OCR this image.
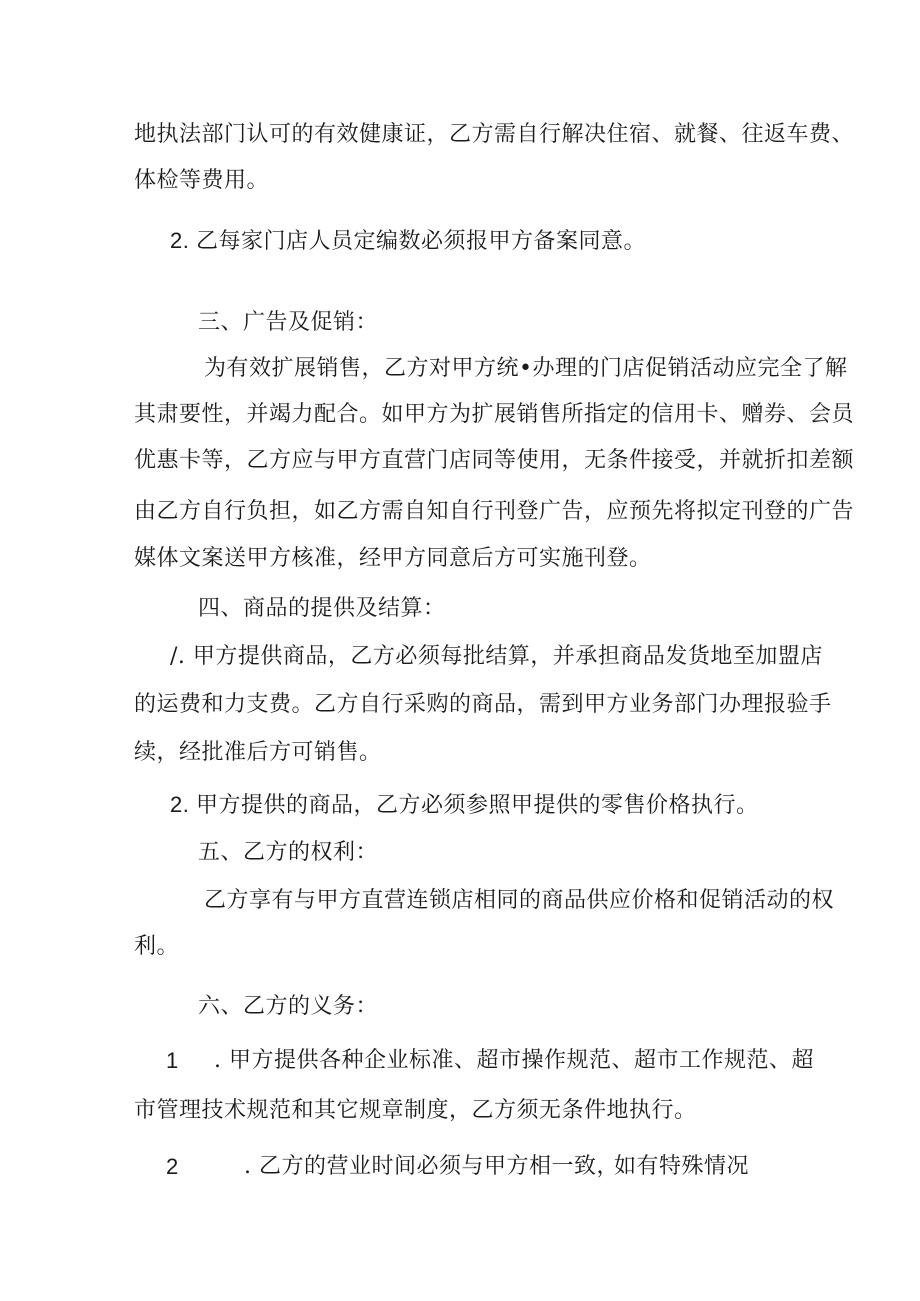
地执法部门认可的有效健康证，乙方需自行解决住宿、就餐、往返车费、
体检等费用。
2. 乙每家门店人员定编数必须报甲方备案同意。
三、广告及促销：
为有效扩展销售，乙方对甲方统•办理的门店促销活动应完全了解
其肃要性，并竭力配合。如甲方为扩展销售所指定的信用卡、赠券、会员
优惠卡等，乙方应与甲方直营门店同等使用，无条件接受，并就折扣差额
由乙方自行负担，如乙方需自知自行刊登广告，应预先将拟定刊登的广告
媒体文案送甲方核准，经甲方同意后方可实施刊登。
四、商品的提供及结算：
/. 甲方提供商品，乙方必须每批结算，并承担商品发货地至加盟店
的运费和力支费。乙方自行采购的商品，需到甲方业务部门办理报验手
续，经批准后方可销售。
2. 甲方提供的商品，乙方必须参照甲提供的零售价格执行。
五、乙方的权利：
乙方享有与甲方直营连锁店相同的商品供应价格和促销活动的权
利。
六、乙方的义务：
1 . 甲方提供各种企业标准、超市操作规范、超市工作规范、超
市管理技术规范和其它规章制度，乙方须无条件地执行。
2	. 乙方的营业时间必须与甲方相一致，
如有特殊情况
